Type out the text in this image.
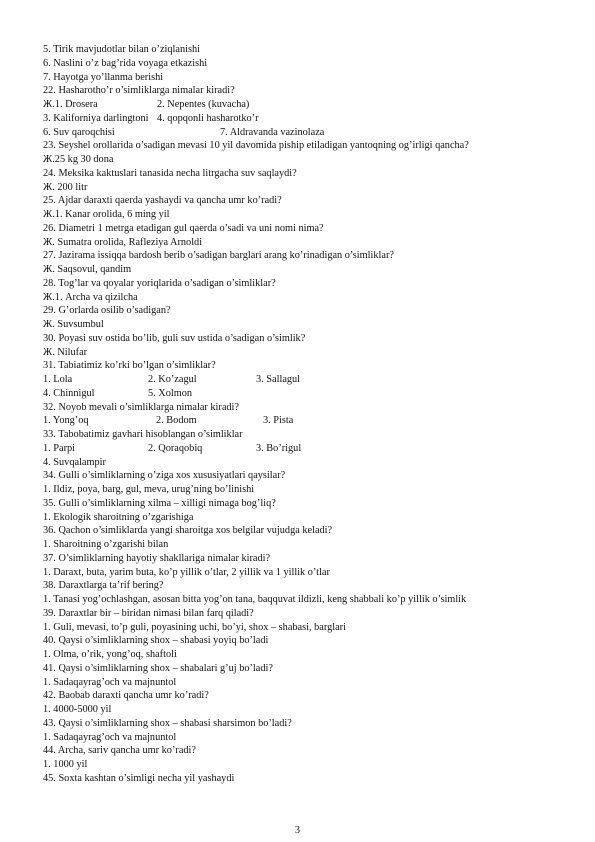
5. Tirik mavjudotlar bilan o’ziqlanishi
6. Naslini o’z bag’rida voyaga etkazishi
7. Hayotga yo’llanma berishi
22. Hasharotho’r o’simliklarga nimalar kiradi?
Ж.1. Drosera	2. Nepentes (kuvacha)
3. Kaliforniya darlingtoni 4. qopqonli hasharotko’r
6. Suv qaroqchisi	7. Aldravanda vazinolaza
23. Seyshel orollarida o’sadigan mevasi 10 yil davomida piship etiladigan yantoqning og’irligi qancha?
Ж.25 kg 30 dona
24. Meksika kaktuslari tanasida necha litrgacha suv saqlaydi?
Ж. 200 litr
25. Ajdar daraxti qaerda yashaydi va qancha umr ko’radi?
Ж.1. Kanar orolida, 6 ming yil
26. Diametri 1 metrga etadigan gul qaerda o’sadi va uni nomi nima?
Ж. Sumatra orolida, Rafleziya Arnoldi
27. Jazirama issiqqa bardosh berib o’sadigan barglari arang ko’rinadigan o’simliklar?
Ж. Saqsovul, qandim
28. Tog’lar va qoyalar yoriqlarida o’sadigan o’simliklar?
Ж.1. Archa va qizilcha
29. G’orlarda osilib o’sadigan?
Ж. Suvsumbul
30. Poyasi suv ostida bo’lib, guli suv ustida o’sadigan o’simlik?
Ж. Nilufar
31. Tabiatimiz ko’rki bo’lgan o’simliklar?
1. Lola	2. Ko’zagul	3. Sallagul
4. Chinnigul	5. Xolmon
32. Noyob mevali o’simliklarga nimalar kiradi?
1. Yong’oq	2. Bodom	3. Pista
33. Tabobatimiz gavhari hisoblangan o’simliklar
1. Parpi	2. Qoraqobiq	3. Bo’rigul
4. Suvqalampir
34. Gulli o’simliklarning o’ziga xos xususiyatlari qaysilar?
1. Ildiz, poya, barg, gul, meva, urug’ning bo’linishi
35. Gulli o’simliklarning xilma – xilligi nimaga bog’liq?
1. Ekologik sharoitning o’zgarishiga
36. Qachon o’simliklarda yangi sharoitga xos belgilar vujudga keladi?
1. Sharoitning o’zgarishi bilan
37. O’simliklarning hayotiy shakllariga nimalar kiradi?
1. Daraxt, buta, yarim buta, ko’p yillik o’tlar, 2 yillik va 1 yillik o’tlar
38. Daraxtlarga ta’rif bering?
1. Tanasi yog’ochlashgan, asosan bitta yog’on tana, baqquvat ildizli, keng shabbali ko’p yillik o’simlik
39. Daraxtlar bir – biridan nimasi bilan farq qiladi?
1. Guli, mevasi, to’p guli, poyasining uchi, bo’yi, shox – shabasi, barglari
40. Qaysi o’simliklarning shox – shabasi yoyiq bo’ladi
1. Olma, o’rik, yong’oq, shaftoli
41. Qaysi o’simliklarning shox – shabalari g’uj bo’ladi?
1. Sadaqayrag’och va majnuntol
42. Baobab daraxti qancha umr ko’radi?
1. 4000-5000 yil
43. Qaysi o’simliklarning shox – shabasi sharsimon bo’ladi?
1. Sadaqayrag’och va majnuntol
44. Archa, sariv qancha umr ko’radi?
1. 1000 yil
45. Soxta kashtan o’simligi necha yil yashaydi
3
